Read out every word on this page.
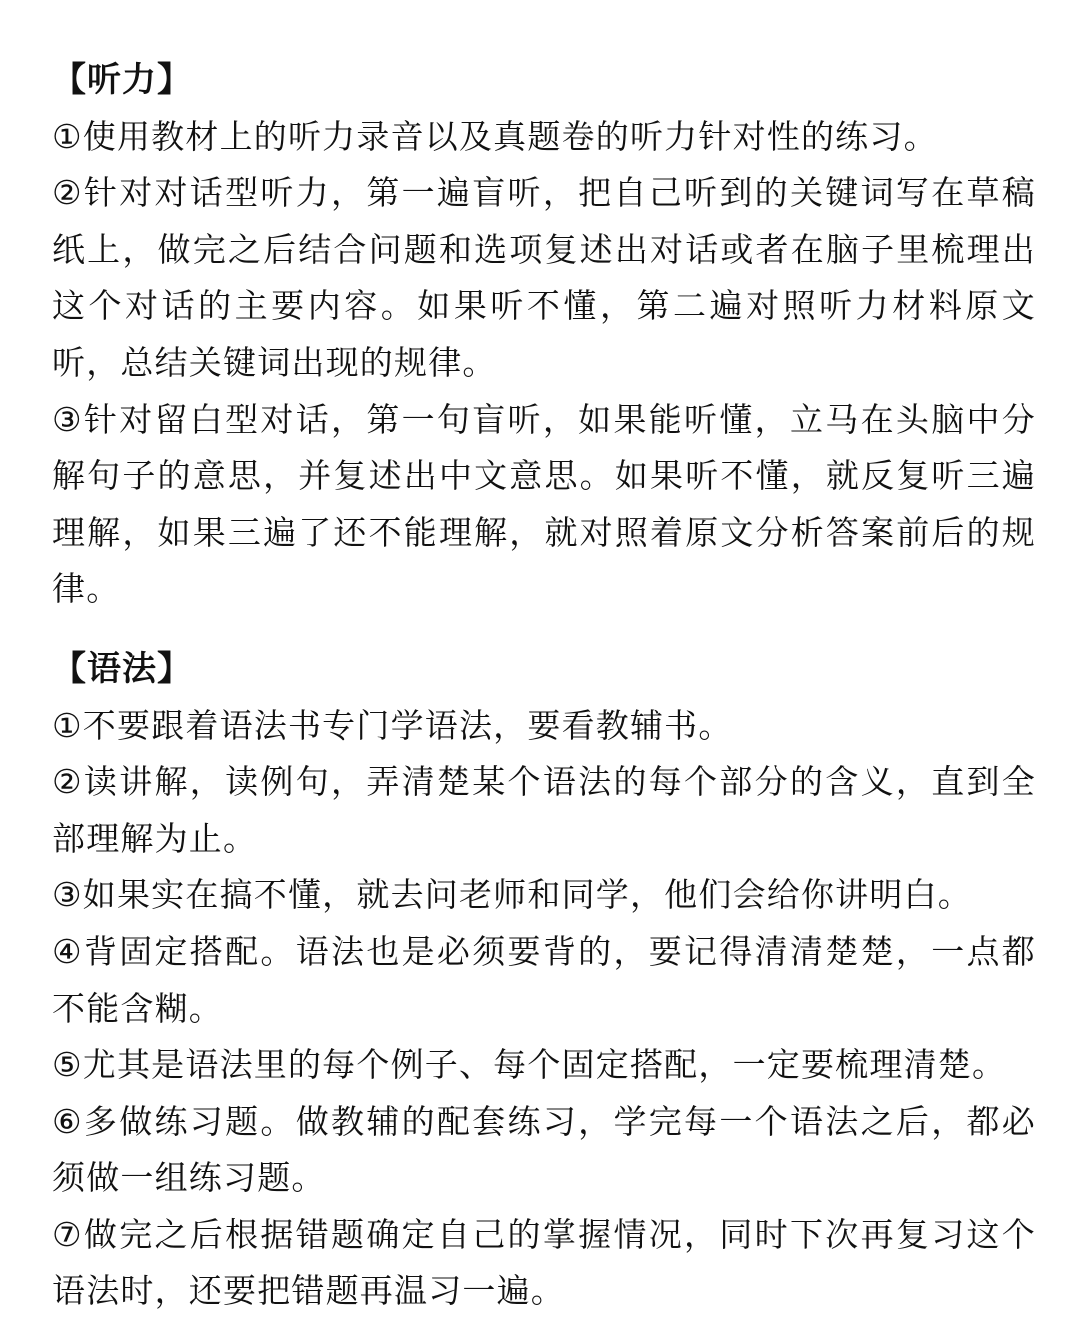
【听力】

①使用教材上的听力录音以及真题卷的听力针对性的练习。

②针对对话型听力，第一遍盲听，把自己听到的关键词写在草稿纸上，做完之后结合问题和选项复述出对话或者在脑子里梳理出这个对话的主要内容。如果听不懂，第二遍对照听力材料原文听，总结关键词出现的规律。

③针对留白型对话，第一句盲听，如果能听懂，立马在头脑中分解句子的意思，并复述出中文意思。如果听不懂，就反复听三遍理解，如果三遍了还不能理解，就对照着原文分析答案前后的规律。

【语法】

①不要跟着语法书专门学语法，要看教辅书。

②读讲解，读例句，弄清楚某个语法的每个部分的含义，直到全部理解为止。

③如果实在搞不懂，就去问老师和同学，他们会给你讲明白。

④背固定搭配。语法也是必须要背的，要记得清清楚楚，一点都不能含糊。

⑤尤其是语法里的每个例子、每个固定搭配，一定要梳理清楚。

⑥多做练习题。做教辅的配套练习，学完每一个语法之后，都必须做一组练习题。

⑦做完之后根据错题确定自己的掌握情况，同时下次再复习这个语法时，还要把错题再温习一遍。
